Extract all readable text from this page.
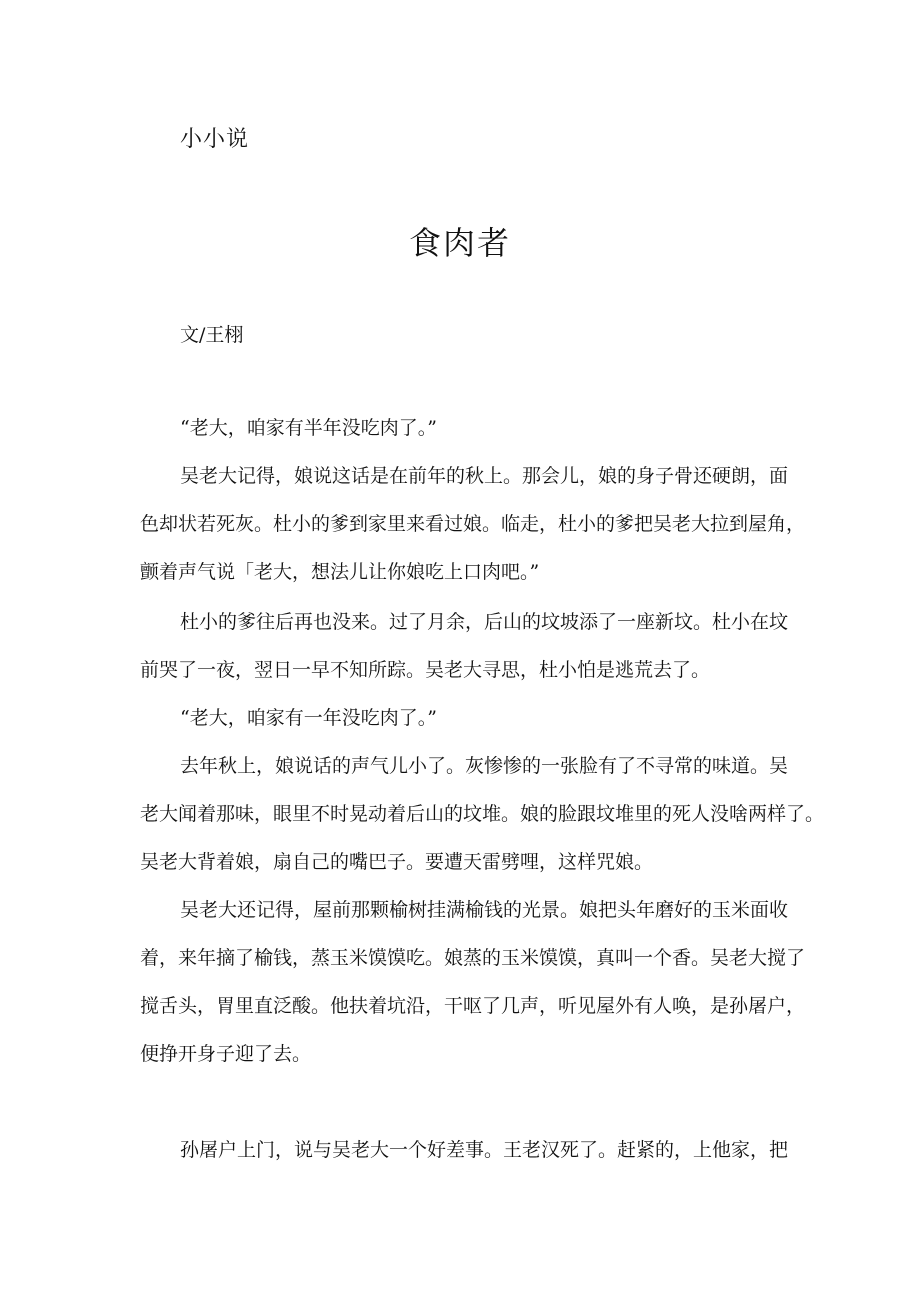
小小说
食肉者
文/王栩
“老大，咱家有半年没吃肉了。”
吴老大记得，娘说这话是在前年的秋上。那会儿，娘的身子骨还硬朗，面
色却状若死灰。杜小的爹到家里来看过娘。临走，杜小的爹把吴老大拉到屋角，
颤着声气说「老大，想法儿让你娘吃上口肉吧。”
杜小的爹往后再也没来。过了月余，后山的坟坡添了一座新坟。杜小在坟
前哭了一夜，翌日一早不知所踪。吴老大寻思，杜小怕是逃荒去了。
“老大，咱家有一年没吃肉了。”
去年秋上，娘说话的声气儿小了。灰惨惨的一张脸有了不寻常的味道。吴
老大闻着那味，眼里不时晃动着后山的坟堆。娘的脸跟坟堆里的死人没啥两样了。
吴老大背着娘，扇自己的嘴巴子。要遭天雷劈哩，这样咒娘。
吴老大还记得，屋前那颗榆树挂满榆钱的光景。娘把头年磨好的玉米面收
着，来年摘了榆钱，蒸玉米馍馍吃。娘蒸的玉米馍馍，真叫一个香。吴老大搅了
搅舌头，胃里直泛酸。他扶着坑沿，干呕了几声，听见屋外有人唤，是孙屠户，
便挣开身子迎了去。
孙屠户上门，说与吴老大一个好差事。王老汉死了。赶紧的，上他家，把
